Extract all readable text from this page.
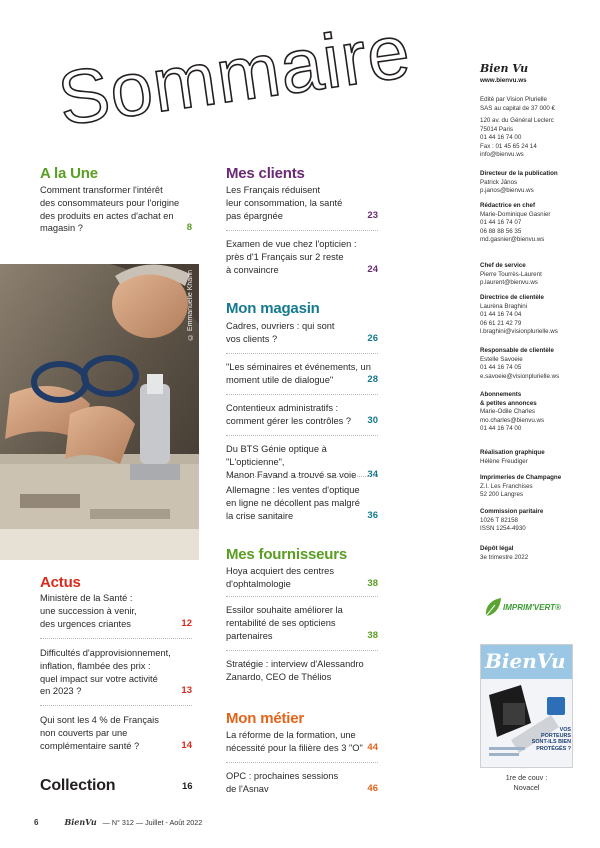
Sommaire
A la Une
Comment transformer l'intérêt
des consommateurs pour l'origine
des produits en actes d'achat en
magasin ?	8
© Emmanuelle Khann
Actus
Ministère de la Santé :
une succession à venir,
des urgences criantes	12
Difficultés d'approvisionnement,
inflation, flambée des prix :
quel impact sur votre activité
en 2023 ?	13
Qui sont les 4 % de Français
non couverts par une
complémentaire santé ?	14
Collection	16
Mes clients
Les Français réduisent
leur consommation, la santé
pas épargnée	23
Examen de vue chez l'opticien :
près d'1 Français sur 2 reste
à convaincre	24
Mon magasin
Cadres, ouvriers : qui sont
vos clients ?	26
"Les séminaires et événements, un
moment utile de dialogue"	28
Contentieux administratifs :
comment gérer les contrôles ?	30
Du BTS Génie optique à "L'opticienne",
Manon Favand a trouvé sa voie	34
Allemagne : les ventes d'optique
en ligne ne décollent pas malgré
la crise sanitaire	36
Mes fournisseurs
Hoya acquiert des centres
d'ophtalmologie	38
Essilor souhaite améliorer la
rentabilité de ses opticiens
partenaires	38
Stratégie : interview d'Alessandro
Zanardo, CEO de Thélios
Mon métier
La réforme de la formation, une
nécessité pour la filière des 3 "O" 44
OPC : prochaines sessions
de l'Asnav	46
Bien Vu
www.bienvu.ws
Edité par Vision Plurielle
SAS au capital de 37 000 €
120 av. du Général Leclerc
75014 Paris
01 44 16 74 00
Fax : 01 45 65 24 14
info@bienvu.ws
Directeur de la publication
Patrick Jânos
p.janos@bienvu.ws
Rédactrice en chef
Marie-Dominique Gasnier
01 44 16 74 07
06 88 88 56 35
md.gasnier@bienvu.ws
Chef de service
Pierre Tourrès-Laurent
p.laurent@bienvu.ws
Directrice de clientèle
Laurèna Braghini
01 44 16 74 04
06 61 21 42 79
l.braghini@visionplurielle.ws
Responsable de clientèle
Estelle Savoeie
01 44 16 74 05
e.savoeie@visionplurielle.ws
Abonnements
& petites annonces
Marie-Odile Charles
mo.charles@bienvu.ws
01 44 16 74 00
Réalisation graphique
Hélène Freudiger
Imprimeries de Champagne
Z.I. Les Franchises
52 200 Langres
Commission paritaire
1026 T 82158
ISSN 1254-4930
Dépôt légal
3e trimestre 2022
IMPRIM'VERT®
BienVu
VOS PORTEURS SONT-ILS BIEN PROTÉGÉS ?
1re de couv :
Novacel
6	BienVu — N° 312 — Juillet - Août 2022
